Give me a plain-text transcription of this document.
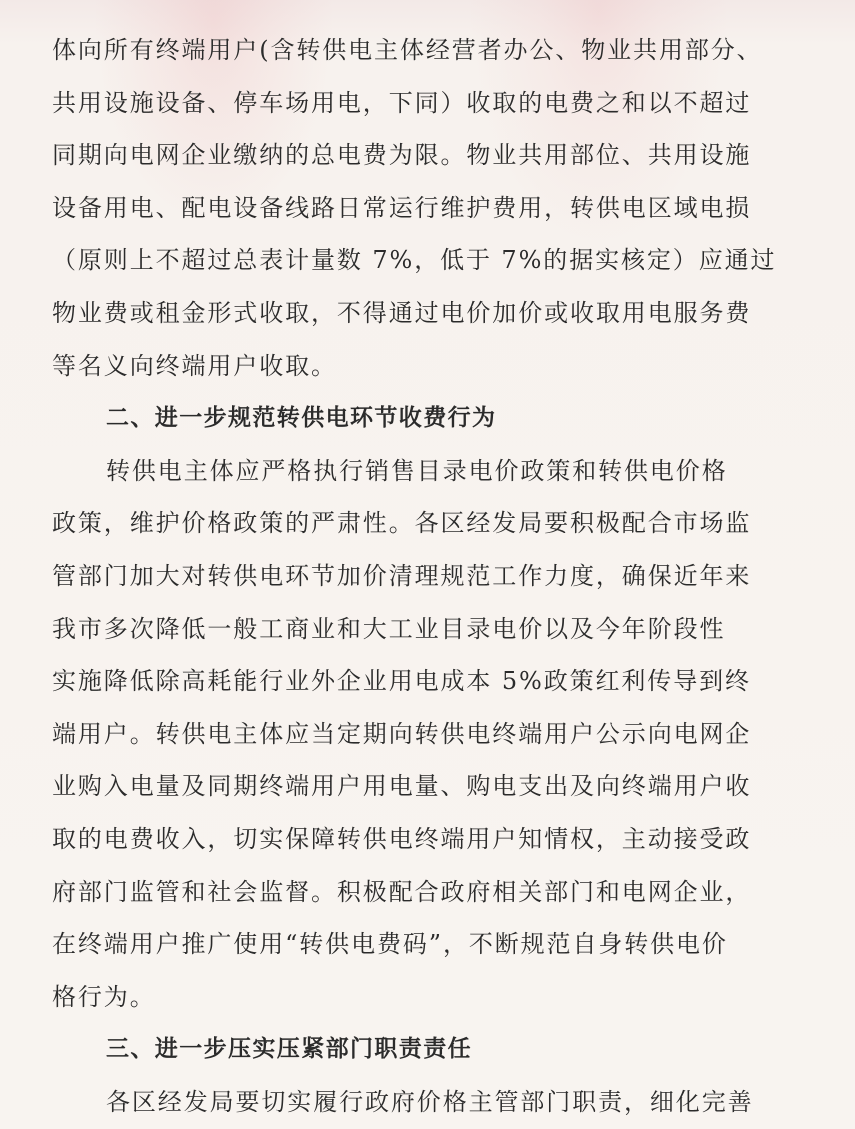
体向所有终端用户(含转供电主体经营者办公、物业共用部分、
共用设施设备、停车场用电，下同）收取的电费之和以不超过
同期向电网企业缴纳的总电费为限。物业共用部位、共用设施
设备用电、配电设备线路日常运行维护费用，转供电区域电损
（原则上不超过总表计量数 7%，低于 7%的据实核定）应通过
物业费或租金形式收取，不得通过电价加价或收取用电服务费
等名义向终端用户收取。
二、进一步规范转供电环节收费行为
转供电主体应严格执行销售目录电价政策和转供电价格
政策，维护价格政策的严肃性。各区经发局要积极配合市场监
管部门加大对转供电环节加价清理规范工作力度，确保近年来
我市多次降低一般工商业和大工业目录电价以及今年阶段性
实施降低除高耗能行业外企业用电成本 5%政策红利传导到终
端用户。转供电主体应当定期向转供电终端用户公示向电网企
业购入电量及同期终端用户用电量、购电支出及向终端用户收
取的电费收入，切实保障转供电终端用户知情权，主动接受政
府部门监管和社会监督。积极配合政府相关部门和电网企业，
在终端用户推广使用“转供电费码”，不断规范自身转供电价
格行为。
三、进一步压实压紧部门职责责任
各区经发局要切实履行政府价格主管部门职责，细化完善
